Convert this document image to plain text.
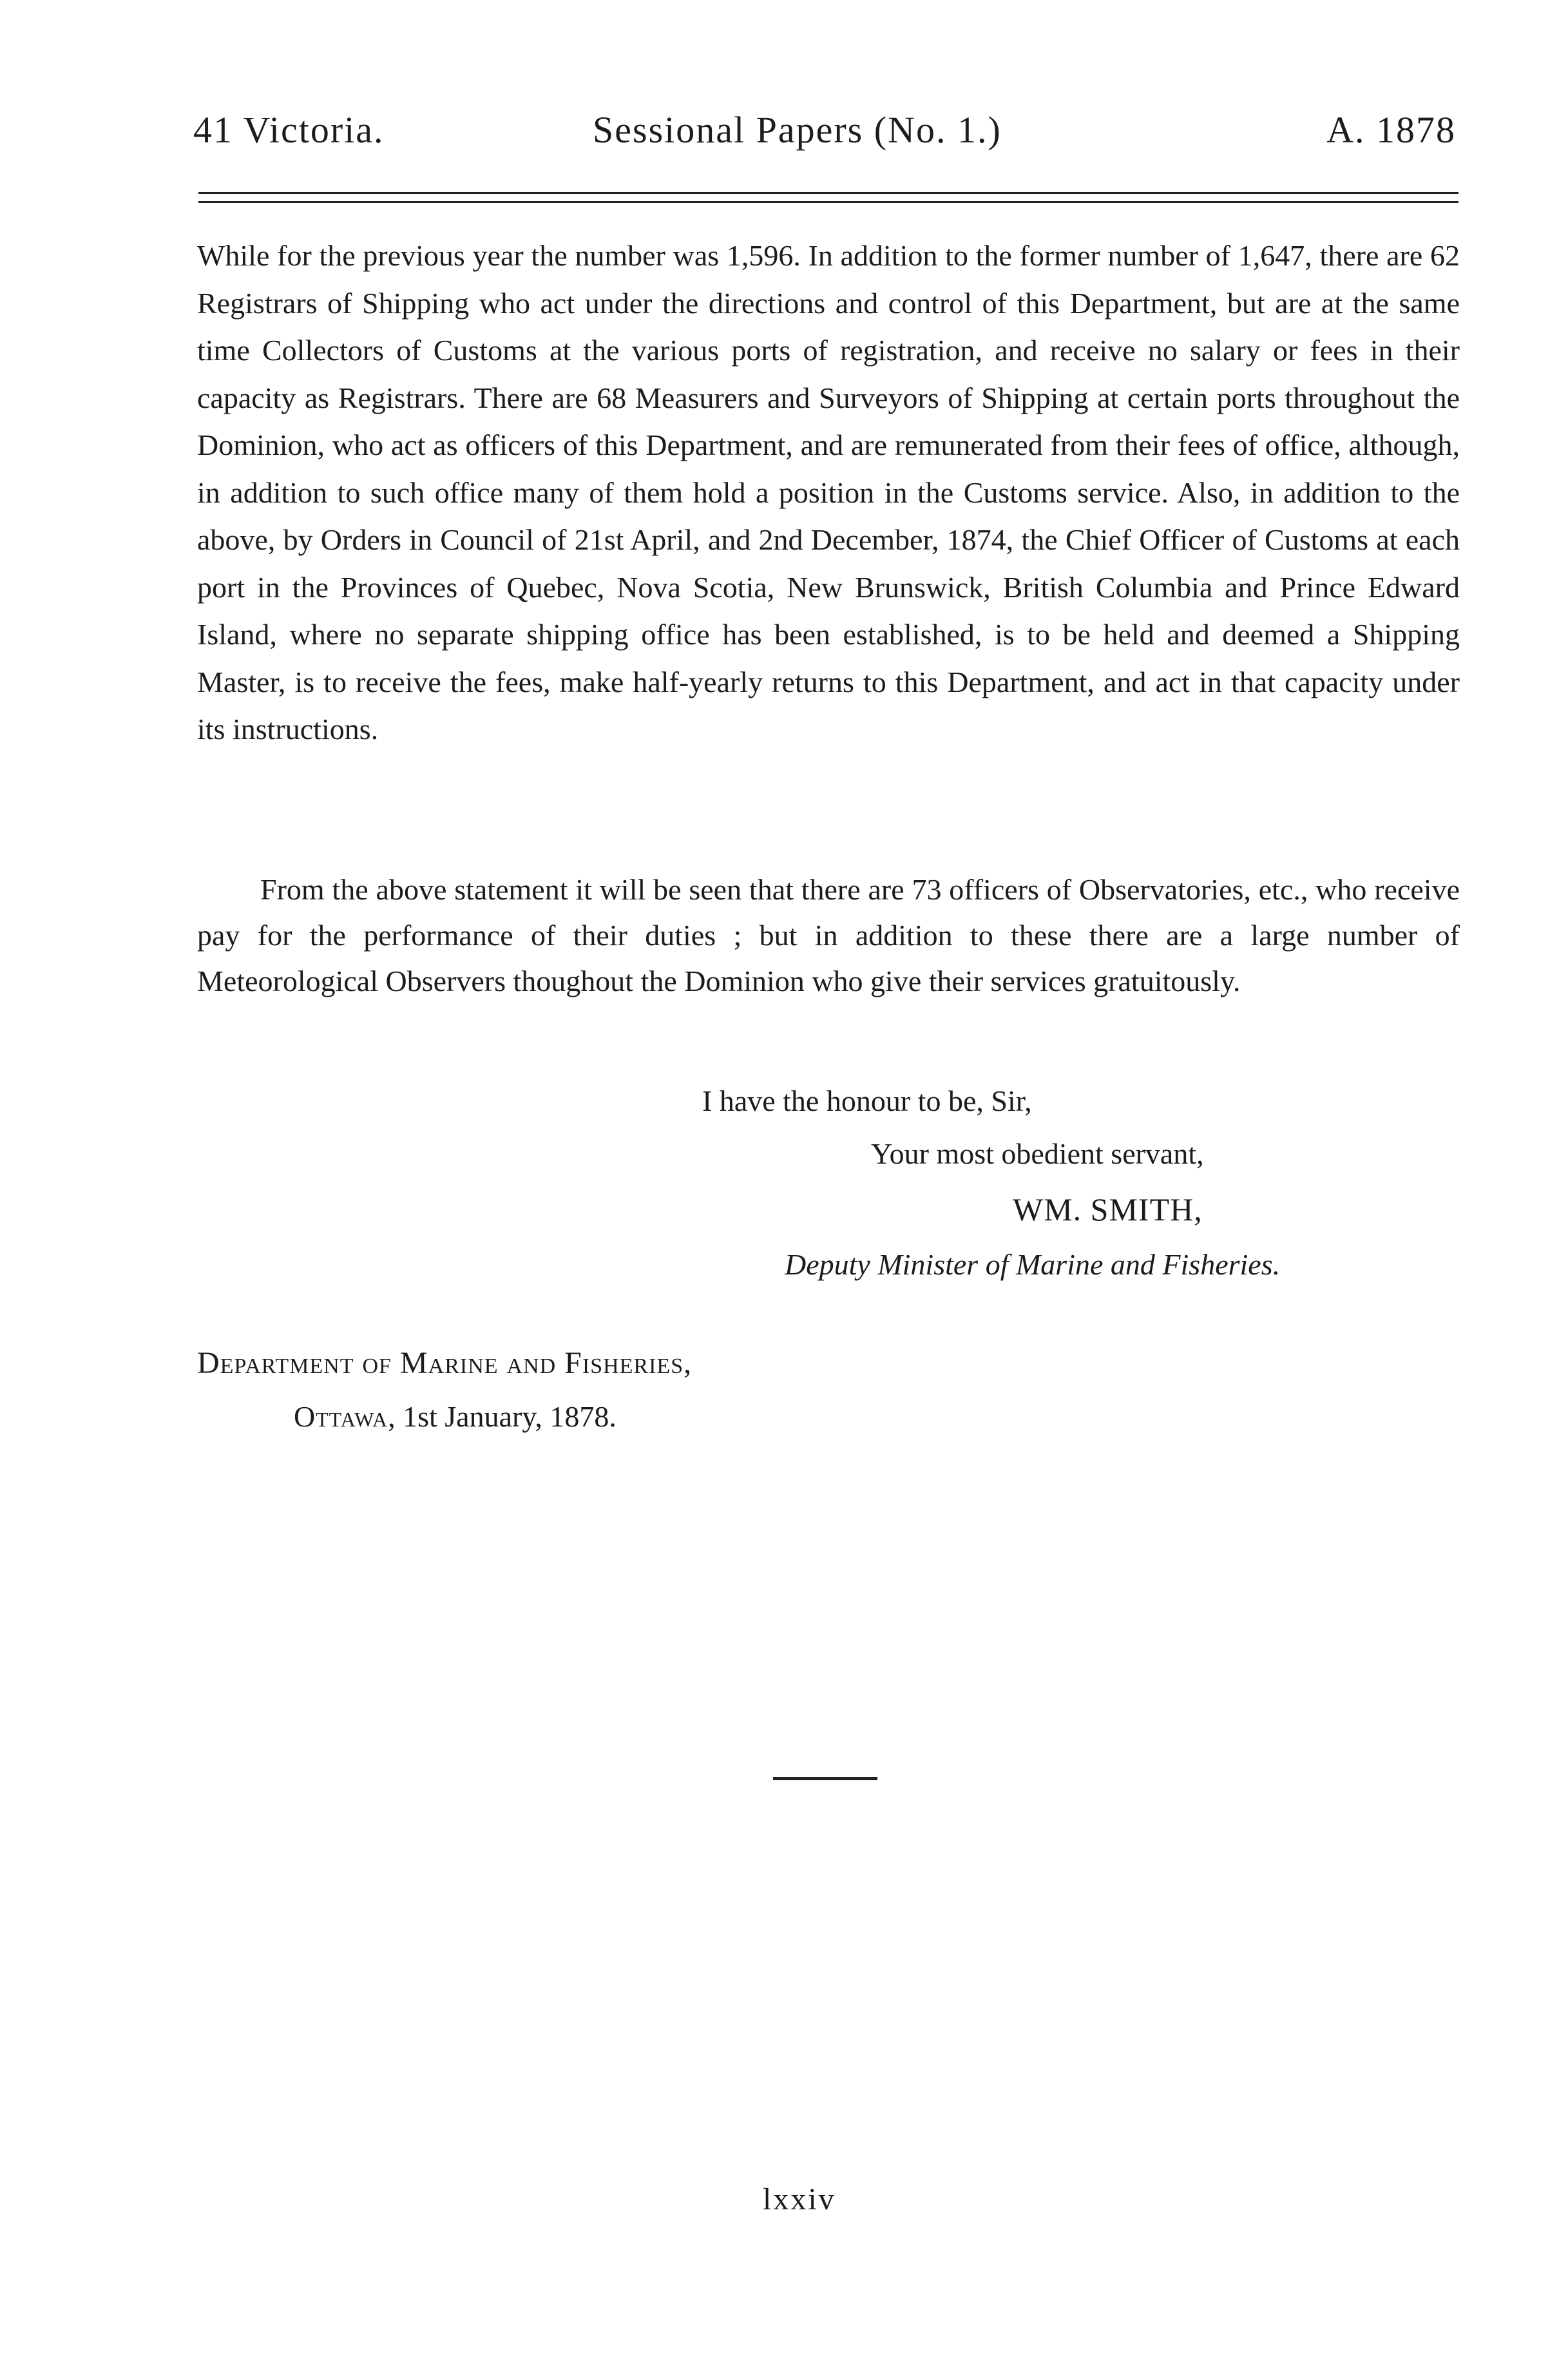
41 Victoria.	Sessional Papers (No. 1.)	A. 1878

While for the previous year the number was 1,596. In addition to the former number of 1,647, there are 62 Registrars of Shipping who act under the directions and control of this Department, but are at the same time Collectors of Customs at the various ports of registration, and receive no salary or fees in their capacity as Registrars. There are 68 Measurers and Surveyors of Shipping at certain ports throughout the Dominion, who act as officers of this Department, and are remunerated from their fees of office, although, in addition to such office many of them hold a position in the Customs service. Also, in addition to the above, by Orders in Council of 21st April, and 2nd December, 1874, the Chief Officer of Customs at each port in the Provinces of Quebec, Nova Scotia, New Brunswick, British Columbia and Prince Edward Island, where no separate shipping office has been established, is to be held and deemed a Shipping Master, is to receive the fees, make half-yearly returns to this Department, and act in that capacity under its instructions.

From the above statement it will be seen that there are 73 officers of Observatories, etc., who receive pay for the performance of their duties ; but in addition to these there are a large number of Meteorological Observers thoughout the Dominion who give their services gratuitously.

I have the honour to be, Sir,
Your most obedient servant,
WM. SMITH,
Deputy Minister of Marine and Fisheries.
Department of Marine and Fisheries,
Ottawa, 1st January, 1878.
lxxiv
